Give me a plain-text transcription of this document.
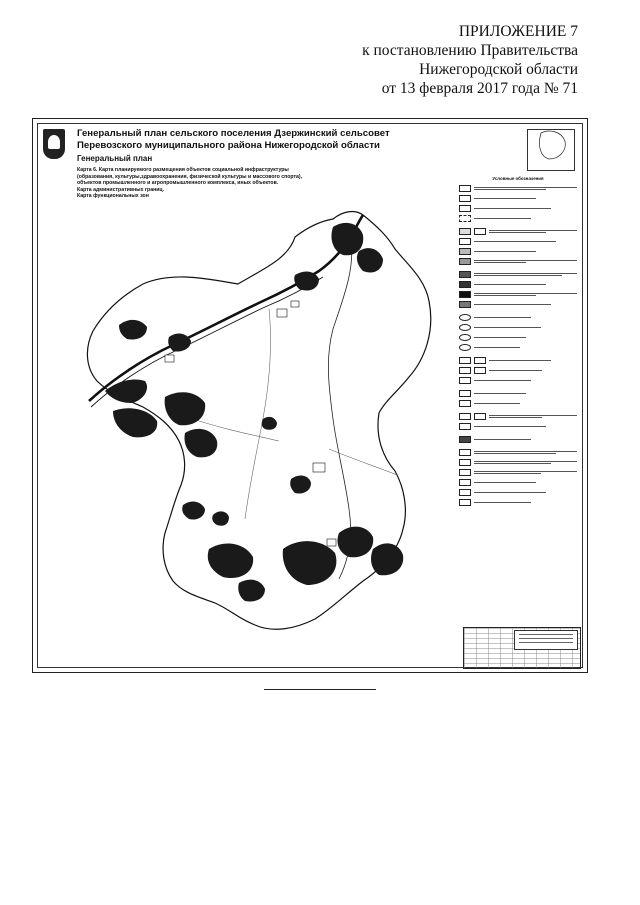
ПРИЛОЖЕНИЕ 7
к постановлению Правительства
Нижегородской области
от 13 февраля 2017 года № 71
Генеральный план сельского поселения Дзержинский сельсовет
Перевозского муниципального района Нижегородской области
Генеральный план
Карта 6. Карта планируемого размещения объектов социальной инфраструктуры
(образования, культуры,здравоохранения, физической культуры и массового спорта),
объектов промышленного и агропромышленного комплекса, иных объектов.
Карта административных границ.
Карта функциональных зон
Условные обозначения
